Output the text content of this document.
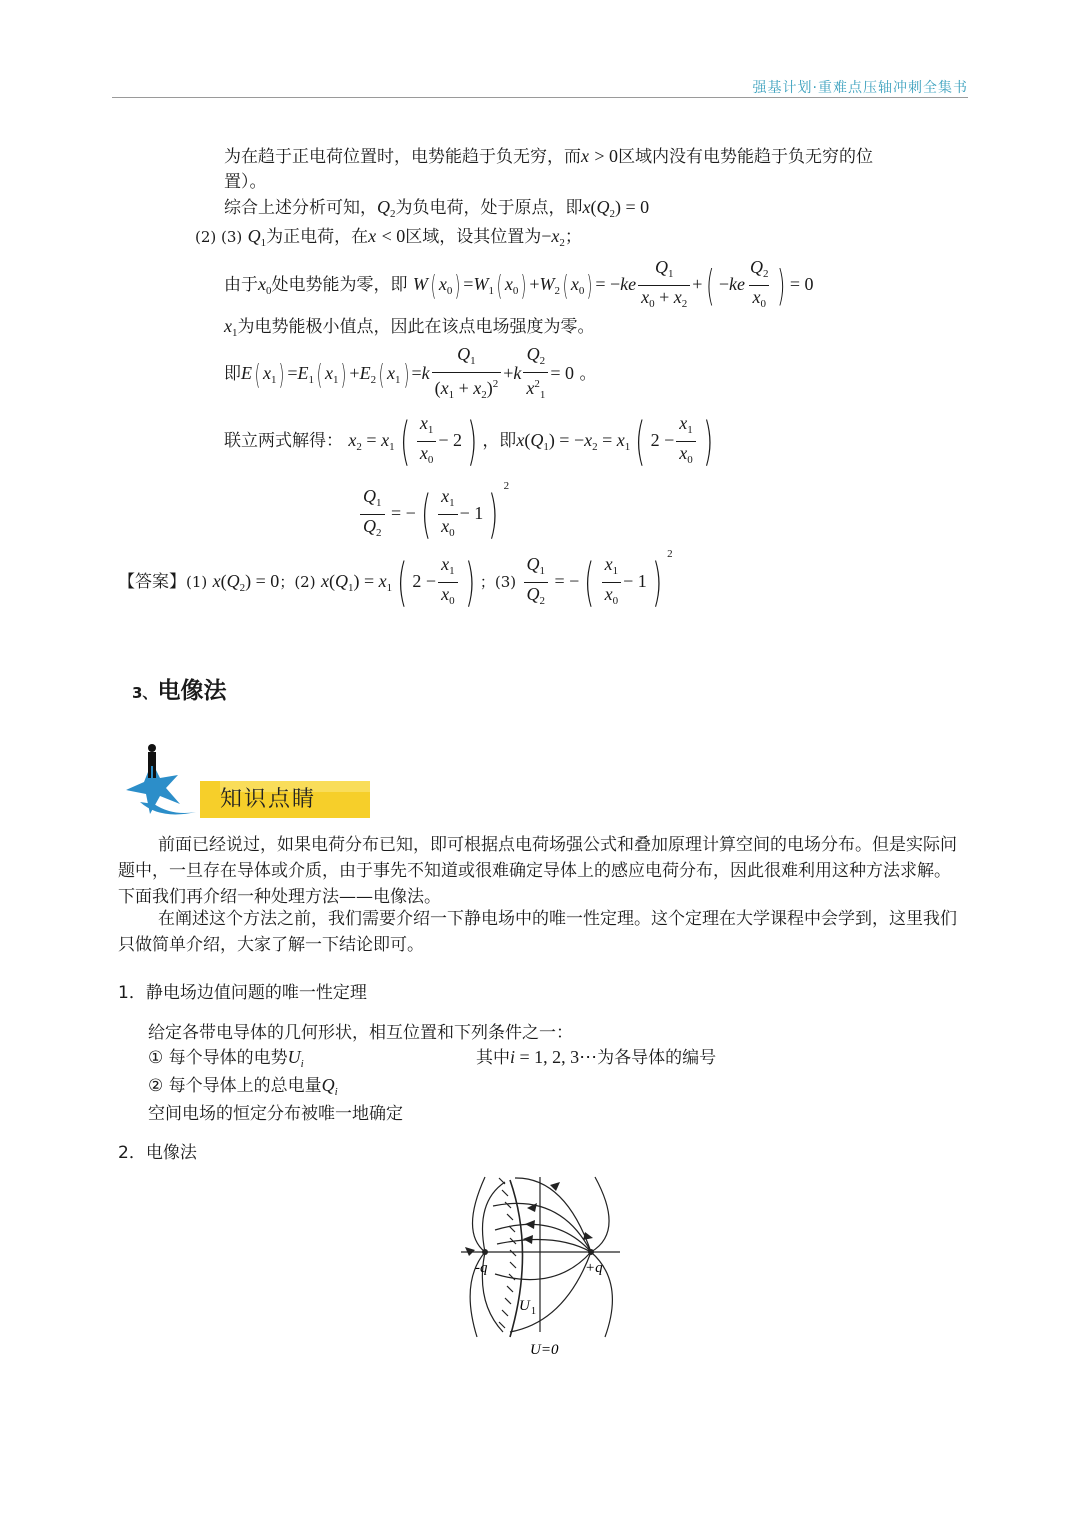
强基计划·重难点压轴冲刺全集书
为在趋于正电荷位置时，电势能趋于负无穷，而x > 0区域内没有电势能趋于负无穷的位
置）。
综合上述分析可知，$Q_2$为负电荷，处于原点，即$x(Q_2) = 0$
(2) (3) $Q_1$为正电荷，在x < 0区域，设其位置为$-x_2$；
由于$x_0$处电势能为零，即 W( $x_0) =W_1$( $x_0) +W_2$( $x_0) = -ke \frac{Q_1}{x_0 + x_2}$ +( $-ke \frac{Q_2}{x_0}$ ) = 0
$x_1$为电势能极小值点，因此在该点电场强度为零。
即E( $x_1) =E_1$( $x_1) +E_2$( $x_1) =k \frac{Q_1}{(x_1 + x_2)^2} +k \frac{Q_2}{x^2_1} = 0$ 。
联立两式解得： $x_2 = x_1( \frac{x_1}{x_0} - 2)$ ，即$x(Q_1) = -x_2 = x_1$( $2 - \frac{x_1}{x_0}$ )
$\frac{Q_1}{Q_2}$ = −( $\frac{x_1}{x_0} - 1$) $^2$
【答案】(1) $x(Q_2) = 0$；(2) $x(Q_1) = x_1$( $2 - \frac{x_1}{x_0}$ ) ；$(3) \frac{Q_1}{Q_2}$ = −( $\frac{x_1}{x_0} - 1$) $^2$
3、电像法
知识点睛
前面已经说过，如果电荷分布已知，即可根据点电荷场强公式和叠加原理计算空间的电场分布。但是实际问题中，一旦存在导体或介质，由于事先不知道或很难确定导体上的感应电荷分布，因此很难利用这种方法求解。下面我们再介绍一种处理方法——电像法。
在阐述这个方法之前，我们需要介绍一下静电场中的唯一性定理。这个定理在大学课程中会学到，这里我们只做简单介绍，大家了解一下结论即可。
1．静电场边值问题的唯一性定理
给定各带电导体的几何形状，相互位置和下列条件之一：
① 每个导体的电势$U_i$	其中i = 1, 2, 3⋯为各导体的编号
② 每个导体上的总电量$Q_i$
空间电场的恒定分布被唯一地确定
2．电像法
-q	+q
U 1
U=0
